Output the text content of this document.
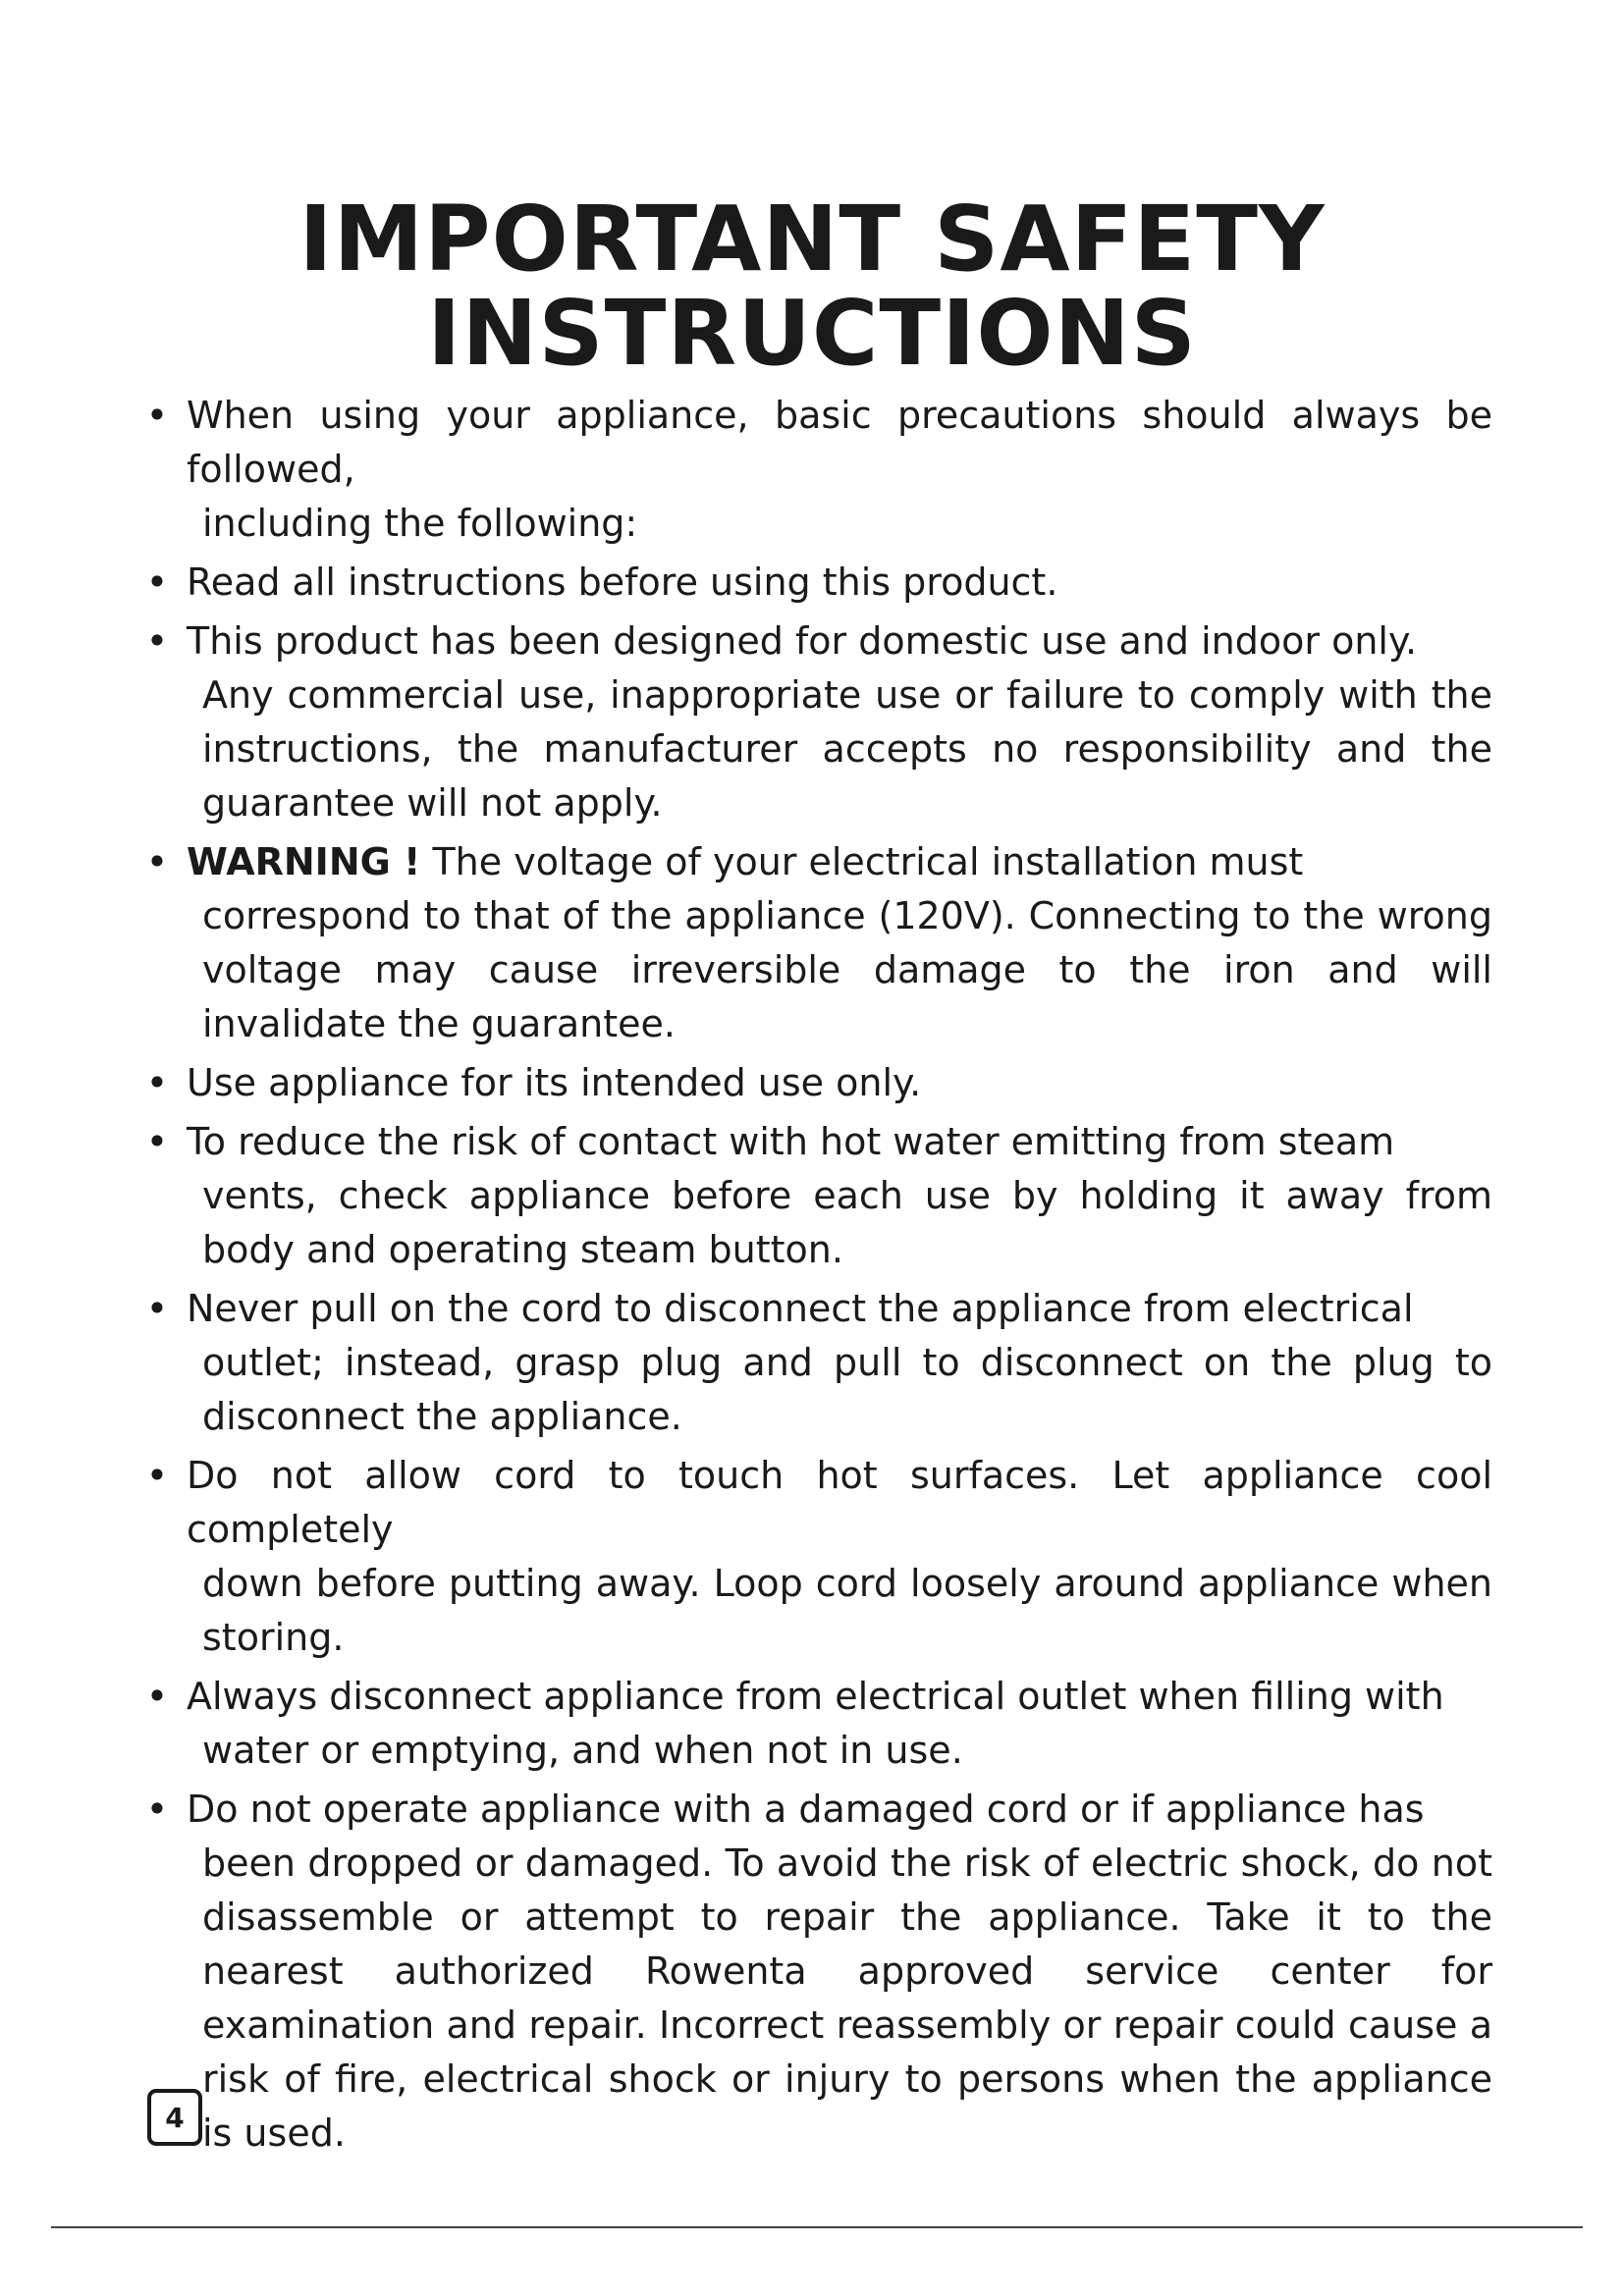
IMPORTANT SAFETY
INSTRUCTIONS
• When using your appliance, basic precautions should always be followed,
including the following:
• Read all instructions before using this product.
• This product has been designed for domestic use and indoor only.
Any commercial use, inappropriate use or failure to comply with the instructions, the manufacturer accepts no responsibility and the guarantee will not apply.
• WARNING ! The voltage of your electrical installation must
correspond to that of the appliance (120V). Connecting to the wrong voltage may cause irreversible damage to the iron and will invalidate the guarantee.
• Use appliance for its intended use only.
• To reduce the risk of contact with hot water emitting from steam
vents, check appliance before each use by holding it away from body and operating steam button.
• Never pull on the cord to disconnect the appliance from electrical
outlet; instead, grasp plug and pull to disconnect on the plug to disconnect the appliance.
• Do not allow cord to touch hot surfaces. Let appliance cool completely
down before putting away. Loop cord loosely around appliance when storing.
• Always disconnect appliance from electrical outlet when filling with
water or emptying, and when not in use.
• Do not operate appliance with a damaged cord or if appliance has
been dropped or damaged. To avoid the risk of electric shock, do not disassemble or attempt to repair the appliance. Take it to the nearest authorized Rowenta approved service center for examination and repair. Incorrect reassembly or repair could cause a risk of fire, electrical shock or injury to persons when the appliance is used.
4
